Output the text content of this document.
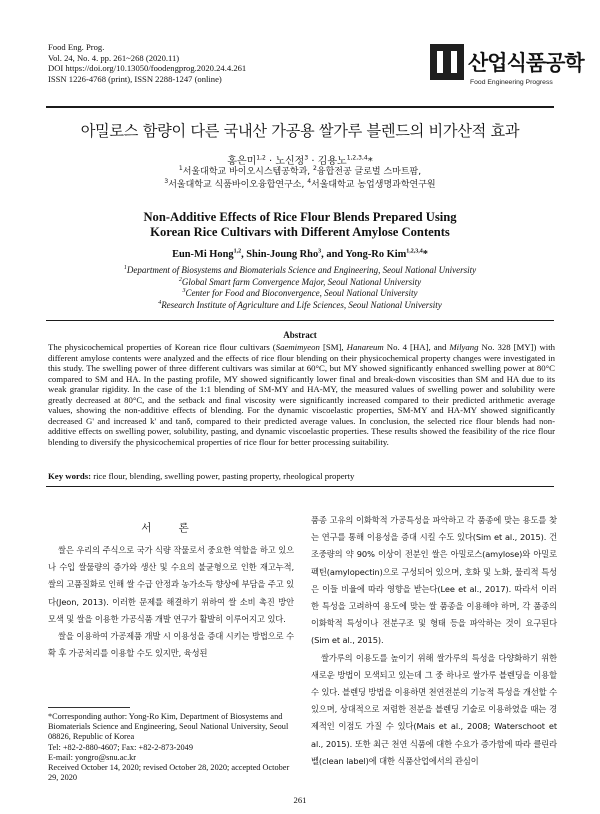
Food Eng. Prog.
Vol. 24, No. 4. pp. 261~268 (2020.11)
DOI https://doi.org/10.13050/foodengprog.2020.24.4.261
ISSN 1226-4768 (print), ISSN 2288-1247 (online)
산업식품공학
Food Engineering Progress
아밀로스 함량이 다른 국내산 가공용 쌀가루 블렌드의 비가산적 효과
홍은미$^{1,2}$ · 노신정$^3$ · 김용노$^{1,2,3,4}$*
$^1$서울대학교 바이오시스템공학과, $^2$융합전공 글로벌 스마트팜,
$^3$서울대학교 식품바이오융합연구소, $^4$서울대학교 농업생명과학연구원
Non-Additive Effects of Rice Flour Blends Prepared Using
Korean Rice Cultivars with Different Amylose Contents
Eun-Mi Hong$^{1,2}$, Shin-Joung Rho$^3$, and Yong-Ro Kim$^{1,2,3,4}$*
$^1$Department of Biosystems and Biomaterials Science and Engineering, Seoul National University
$^2$Global Smart farm Convergence Major, Seoul National University
$^3$Center for Food and Bioconvergence, Seoul National University
$^4$Research Institute of Agriculture and Life Sciences, Seoul National University
Abstract
The physicochemical properties of Korean rice flour cultivars (Saemimyeon [SM], Hanareum No. 4 [HA], and Milyang No. 328 [MY]) with different amylose contents were analyzed and the effects of rice flour blending on their physicochemical property changes were investigated in this study. The swelling power of three different cultivars was similar at 60°C, but MY showed significantly enhanced swelling power at 80°C compared to SM and HA. In the pasting profile, MY showed significantly lower final and break-down viscosities than SM and HA due to its weak granular rigidity. In the case of the 1:1 blending of SM-MY and HA-MY, the measured values of swelling power and solubility were greatly decreased at 80°C, and the setback and final viscosity were significantly increased compared to their predicted arithmetic average values, showing the non-additive effects of blending. For the dynamic viscoelastic properties, SM-MY and HA-MY showed significantly decreased G' and increased k' and tanδ, compared to their predicted average values. In conclusion, the selected rice flour blends had non-additive effects on swelling power, solubility, pasting, and dynamic viscoelastic properties. These results showed the feasibility of the rice flour blending to diversify the physicochemical properties of rice flour for better processing suitability.
Key words: rice flour, blending, swelling power, pasting property, rheological property
서 론

쌀은 우리의 주식으로 국가 식량 작물로서 중요한 역할을 하고 있으나 수입 쌀물량의 증가와 생산 및 수요의 불균형으로 인한 재고누적, 쌀의 고품질화로 인해 쌀 수급 안정과 농가소득 향상에 부담을 주고 있다(Jeon, 2013). 이러한 문제를 해결하기 위하여 쌀 소비 촉진 방안 모색 및 쌀을 이용한 가공식품 개발 연구가 활발히 이루어지고 있다.

쌀을 이용하여 가공제품 개발 시 이용성을 증대 시키는 방법으로 수확 후 가공처리를 이용할 수도 있지만, 육성된

품종 고유의 이화학적 가공특성을 파악하고 각 품종에 맞는 용도를 찾는 연구를 통해 이용성을 증대 시킬 수도 있다(Sim et al., 2015). 건조중량의 약 90% 이상이 전분인 쌀은 아밀로스(amylose)와 아밀로펙틴(amylopectin)으로 구성되어 있으며, 호화 및 노화, 물리적 특성은 이들 비율에 따라 영향을 받는다(Lee et al., 2017). 따라서 이러한 특성을 고려하여 용도에 맞는 쌀 품종을 이용해야 하며, 각 품종의 이화학적 특성이나 전분구조 및 형태 등을 파악하는 것이 요구된다(Sim et al., 2015).

쌀가루의 이용도를 높이기 위해 쌀가루의 특성을 다양화하기 위한 새로운 방법이 모색되고 있는데 그 중 하나로 쌀가루 블렌딩을 이용할 수 있다. 블렌딩 방법을 이용하면 천연전분의 기능적 특성을 개선할 수 있으며, 상대적으로 저렴한 전분을 블렌딩 기술로 이용하였을 때는 경제적인 이점도 가질 수 있다(Mais et al., 2008; Waterschoot et al., 2015). 또한 최근 천연 식품에 대한 수요가 증가함에 따라 클린라벨(clean label)에 대한 식품산업에서의 관심이

*Corresponding author: Yong-Ro Kim, Department of Biosystems and Biomaterials Science and Engineering, Seoul National University, Seoul 08826, Republic of Korea
Tel: +82-2-880-4607; Fax: +82-2-873-2049
E-mail: yongro@snu.ac.kr
Received October 14, 2020; revised October 28, 2020; accepted October 29, 2020
261
